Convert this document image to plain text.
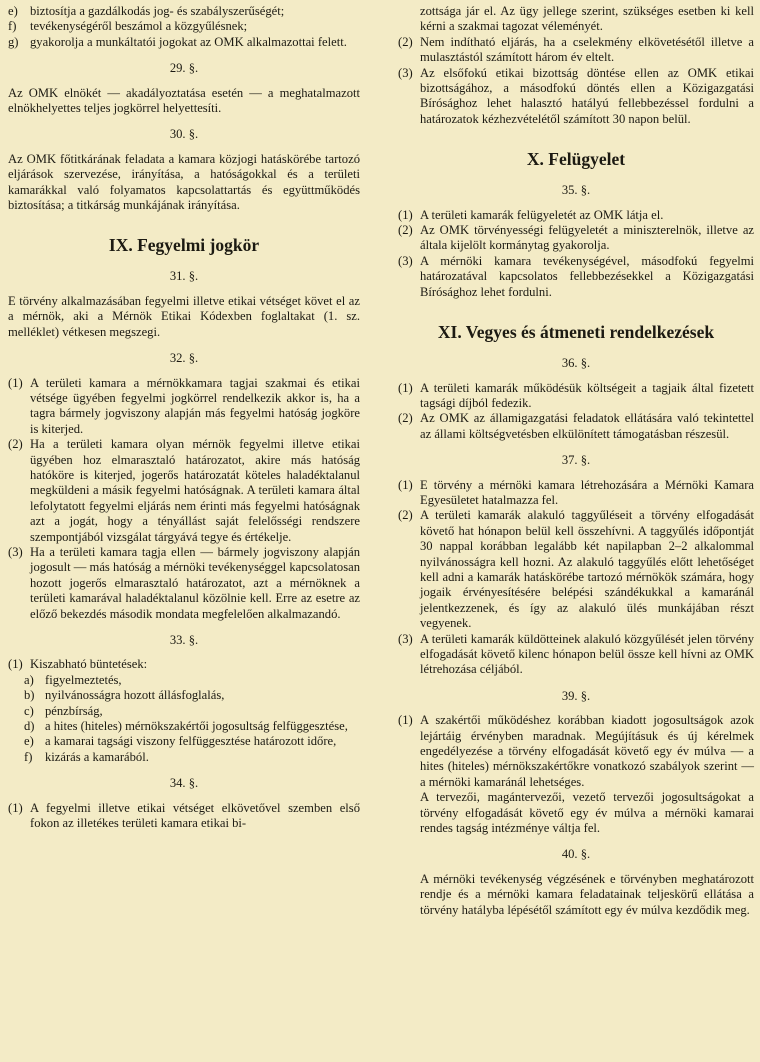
e) biztosítja a gazdálkodás jog- és szabályszerűségét;
f)	tevékenységéről beszámol a közgyűlésnek;
g) gyakorolja a munkáltatói jogokat az OMK alkalmazottai felett.
29. §.

Az OMK elnökét — akadályoztatása esetén — a meghatalmazott elnökhelyettes teljes jogkörrel helyettesíti.

30. §.

Az OMK főtitkárának feladata a kamara közjogi hatáskörébe tartozó eljárások szervezése, irányítása, a hatóságokkal és a területi kamarákkal való folyamatos kapcsolattartás és együttműködés biztosítása; a titkárság munkájának irányítása.

IX. Fegyelmi jogkör
31. §.

E törvény alkalmazásában fegyelmi illetve etikai vétséget követ el az a mérnök, aki a Mérnök Etikai Kódexben foglaltakat (1. sz. melléklet) vétkesen megszegi.

32. §.
(1) A területi kamara a mérnökkamara tagjai szakmai és etikai vétsége ügyében fegyelmi jogkörrel rendelkezik akkor is, ha a tagra bármely jogviszony alapján más fegyelmi hatóság jogköre is kiterjed.
(2) Ha a területi kamara olyan mérnök fegyelmi illetve etikai ügyében hoz elmarasztaló határozatot, akire más hatóság hatóköre is kiterjed, jogerős határozatát köteles haladéktalanul megküldeni a másik fegyelmi hatóságnak. A területi kamara által lefolytatott fegyelmi eljárás nem érinti más fegyelmi hatóságnak azt a jogát, hogy a tényállást saját felelősségi rendszere szempontjából vizsgálat tárgyává tegye és értékelje.
(3) Ha a területi kamara tagja ellen — bármely jogviszony alapján jogosult — más hatóság a mérnöki tevékenységgel kapcsolatosan hozott jogerős elmarasztaló határozatot, azt a mérnöknek a területi kamarával haladéktalanul közölnie kell. Erre az esetre az előző bekezdés második mondata megfelelően alkalmazandó.
33. §.
(1) Kiszabható büntetések:
a) figyelmeztetés,
b) nyilvánosságra hozott állásfoglalás,
c) pénzbírság,
d) a hites (hiteles) mérnökszakértői jogosultság felfüggesztése,
e) a kamarai tagsági viszony felfüggesztése határozott időre,
f)	kizárás a kamarából.
34. §.
(1) A fegyelmi illetve etikai vétséget elkövetővel szemben első fokon az illetékes területi kamara etikai bi-

zottsága jár el. Az ügy jellege szerint, szükséges esetben ki kell kérni a szakmai tagozat véleményét.

(2) Nem indítható eljárás, ha a cselekmény elkövetésétől illetve a mulasztástól számított három év eltelt.
(3) Az elsőfokú etikai bizottság döntése ellen az OMK etikai bizottságához, a másodfokú döntés ellen a Közigazgatási Bírósághoz lehet halasztó hatályú fellebbezéssel fordulni a határozatok kézhezvételétől számított 30 napon belül.
X. Felügyelet
35. §.
(1) A területi kamarák felügyeletét az OMK látja el.
(2) Az OMK törvényességi felügyeletét a miniszterelnök, illetve az általa kijelölt kormánytag gyakorolja.
(3) A mérnöki kamara tevékenységével, másodfokú fegyelmi határozatával kapcsolatos fellebbezésekkel a Közigazgatási Bírósághoz lehet fordulni.
XI. Vegyes és átmeneti rendelkezések
36. §.
(1) A területi kamarák működésük költségeit a tagjaik által fizetett tagsági díjból fedezik.
(2) Az OMK az államigazgatási feladatok ellátására való tekintettel az állami költségvetésben elkülönített támogatásban részesül.
37. §.
(1) E törvény a mérnöki kamara létrehozására a Mérnöki Kamara Egyesületet hatalmazza fel.
(2) A területi kamarák alakuló taggyűléseit a törvény elfogadását követő hat hónapon belül kell összehívni. A taggyűlés időpontját 30 nappal korábban legalább két napilapban 2–2 alkalommal nyilvánosságra kell hozni. Az alakuló taggyűlés előtt lehetőséget kell adni a kamarák hatáskörébe tartozó mérnökök számára, hogy jogaik érvényesítésére belépési szándékukkal a kamaránál jelentkezzenek, és így az alakuló ülés munkájában részt vegyenek.
(3) A területi kamarák küldötteinek alakuló közgyűlését jelen törvény elfogadását követő kilenc hónapon belül össze kell hívni az OMK létrehozása céljából.
39. §.
(1) A szakértői működéshez korábban kiadott jogosultságok azok lejártáig érvényben maradnak. Megújításuk és új kérelmek engedélyezése a törvény elfogadását követő egy év múlva — a hites (hiteles) mérnökszakértőkre vonatkozó szabályok szerint — a mérnöki kamaránál lehetséges.

A tervezői, magántervezői, vezető tervezői jogosultságokat a törvény elfogadását követő egy év múlva a mérnöki kamarai rendes tagság intézménye váltja fel.

40. §.

A mérnöki tevékenység végzésének e törvényben meghatározott rendje és a mérnöki kamara feladatainak teljeskörű ellátása a törvény hatályba lépésétől számított egy év múlva kezdődik meg.
